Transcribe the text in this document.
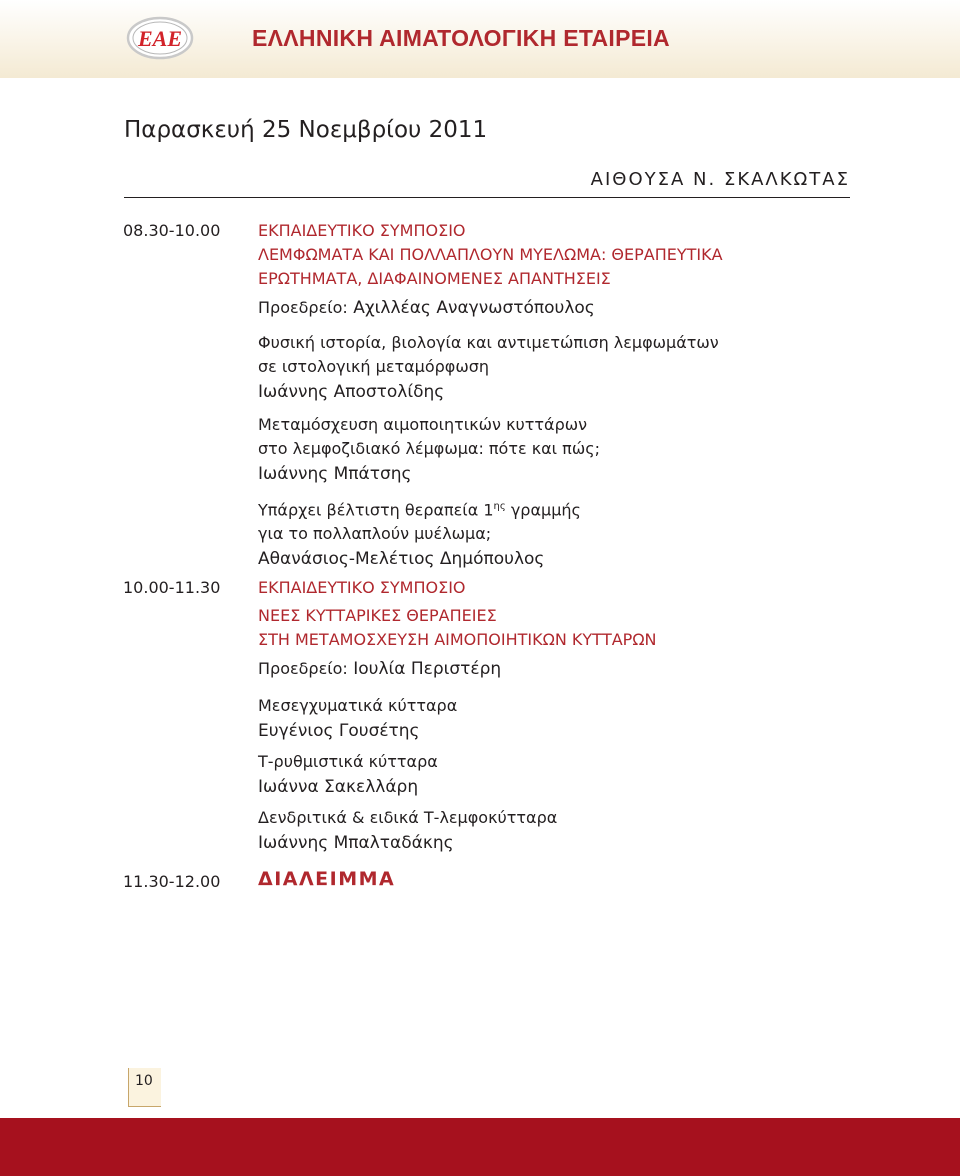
EAE	ΕΛΛΗΝΙΚΗ ΑΙΜΑΤΟΛΟΓΙΚΗ ΕΤΑΙΡΕΙΑ
Παρασκευή 25 Νοεμβρίου 2011
ΑΙΘΟΥΣΑ Ν. ΣΚΑΛΚΩΤΑΣ
08.30-10.00 ΕΚΠΑΙΔΕΥΤΙΚΟ ΣΥΜΠΟΣΙΟ
ΛΕΜΦΩΜΑΤΑ ΚΑΙ ΠΟΛΛΑΠΛΟΥΝ ΜΥΕΛΩΜΑ: ΘΕΡΑΠΕΥΤΙΚΑ
ΕΡΩΤΗΜΑΤΑ, ΔΙΑΦΑΙΝΟΜΕΝΕΣ ΑΠΑΝΤΗΣΕΙΣ
Προεδρείο: Αχιλλέας Αναγνωστόπουλος
Φυσική ιστορία, βιολογία και αντιμετώπιση λεμφωμάτων
σε ιστολογική μεταμόρφωση
Ιωάννης Αποστολίδης
Μεταμόσχευση αιμοποιητικών κυττάρων
στο λεμφοζιδιακό λέμφωμα: πότε και πώς;
Ιωάννης Μπάτσης
Υπάρχει βέλτιστη θεραπεία $1^{\eta\varsigma}$ γραμμής
για το πολλαπλούν μυέλωμα;
Αθανάσιος-Μελέτιος Δημόπουλος
10.00-11.30 ΕΚΠΑΙΔΕΥΤΙΚΟ ΣΥΜΠΟΣΙΟ
ΝΕΕΣ ΚΥΤΤΑΡΙΚΕΣ ΘΕΡΑΠΕΙΕΣ
ΣΤΗ ΜΕΤΑΜΟΣΧΕΥΣΗ ΑΙΜΟΠΟΙΗΤΙΚΩΝ ΚΥΤΤΑΡΩΝ
Προεδρείο: Ιουλία Περιστέρη
Μεσεγχυματικά κύτταρα
Ευγένιος Γουσέτης
Τ-ρυθμιστικά κύτταρα
Ιωάννα Σακελλάρη
Δενδριτικά & ειδικά Τ-λεμφοκύτταρα
Ιωάννης Μπαλταδάκης
11.30-12.00 ΔΙΑΛΕΙΜΜΑ
10
